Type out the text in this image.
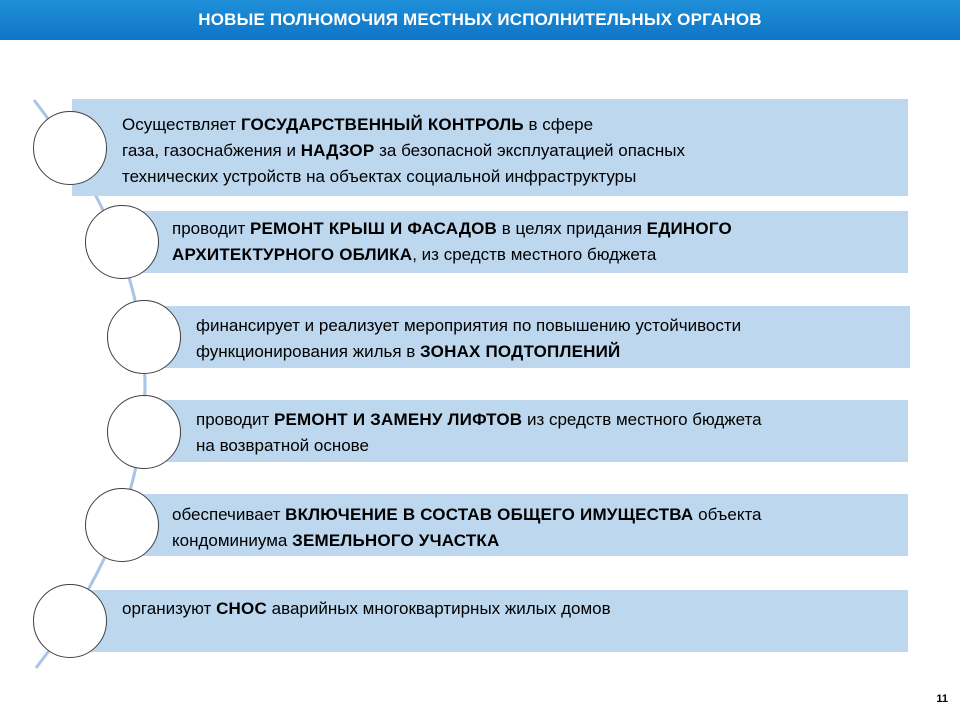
НОВЫЕ ПОЛНОМОЧИЯ МЕСТНЫХ ИСПОЛНИТЕЛЬНЫХ ОРГАНОВ
Осуществляет ГОСУДАРСТВЕННЫЙ КОНТРОЛЬ в сфере
газа, газоснабжения и НАДЗОР за безопасной эксплуатацией опасных
технических устройств на объектах социальной инфраструктуры
проводит РЕМОНТ КРЫШ И ФАСАДОВ в целях придания ЕДИНОГО
АРХИТЕКТУРНОГО ОБЛИКА, из средств местного бюджета
финансирует и реализует мероприятия по повышению устойчивости
функционирования жилья в ЗОНАХ ПОДТОПЛЕНИЙ
проводит РЕМОНТ И ЗАМЕНУ ЛИФТОВ из средств местного бюджета
на возвратной основе
обеспечивает ВКЛЮЧЕНИЕ В СОСТАВ ОБЩЕГО ИМУЩЕСТВА объекта
кондоминиума ЗЕМЕЛЬНОГО УЧАСТКА
организуют СНОС аварийных многоквартирных жилых домов
11
